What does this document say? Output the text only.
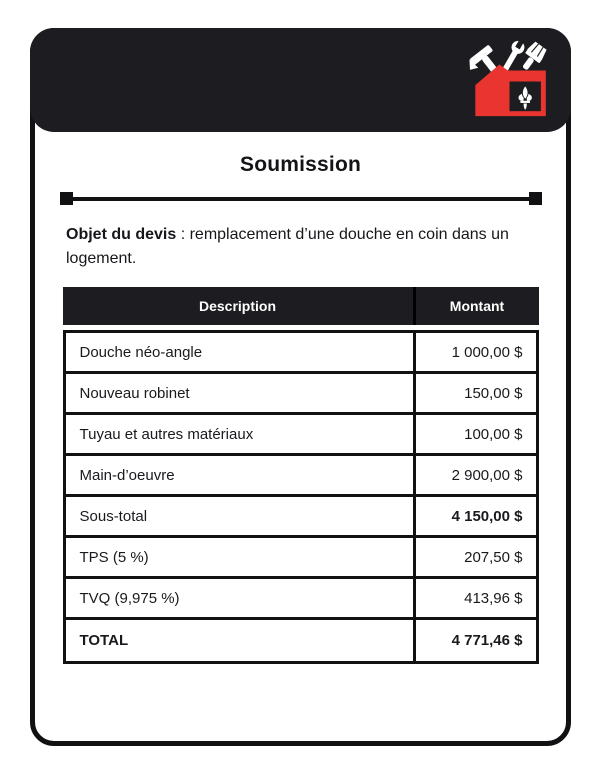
Soumission

Objet du devis : remplacement d’une douche en coin dans un logement.

Description	Montant
Douche néo-angle	1 000,00 $
Nouveau robinet	150,00 $
Tuyau et autres matériaux	100,00 $
Main-d’oeuvre	2 900,00 $
Sous-total	4 150,00 $
TPS (5 %)	207,50 $
TVQ (9,975 %)	413,96 $
TOTAL	4 771,46 $
